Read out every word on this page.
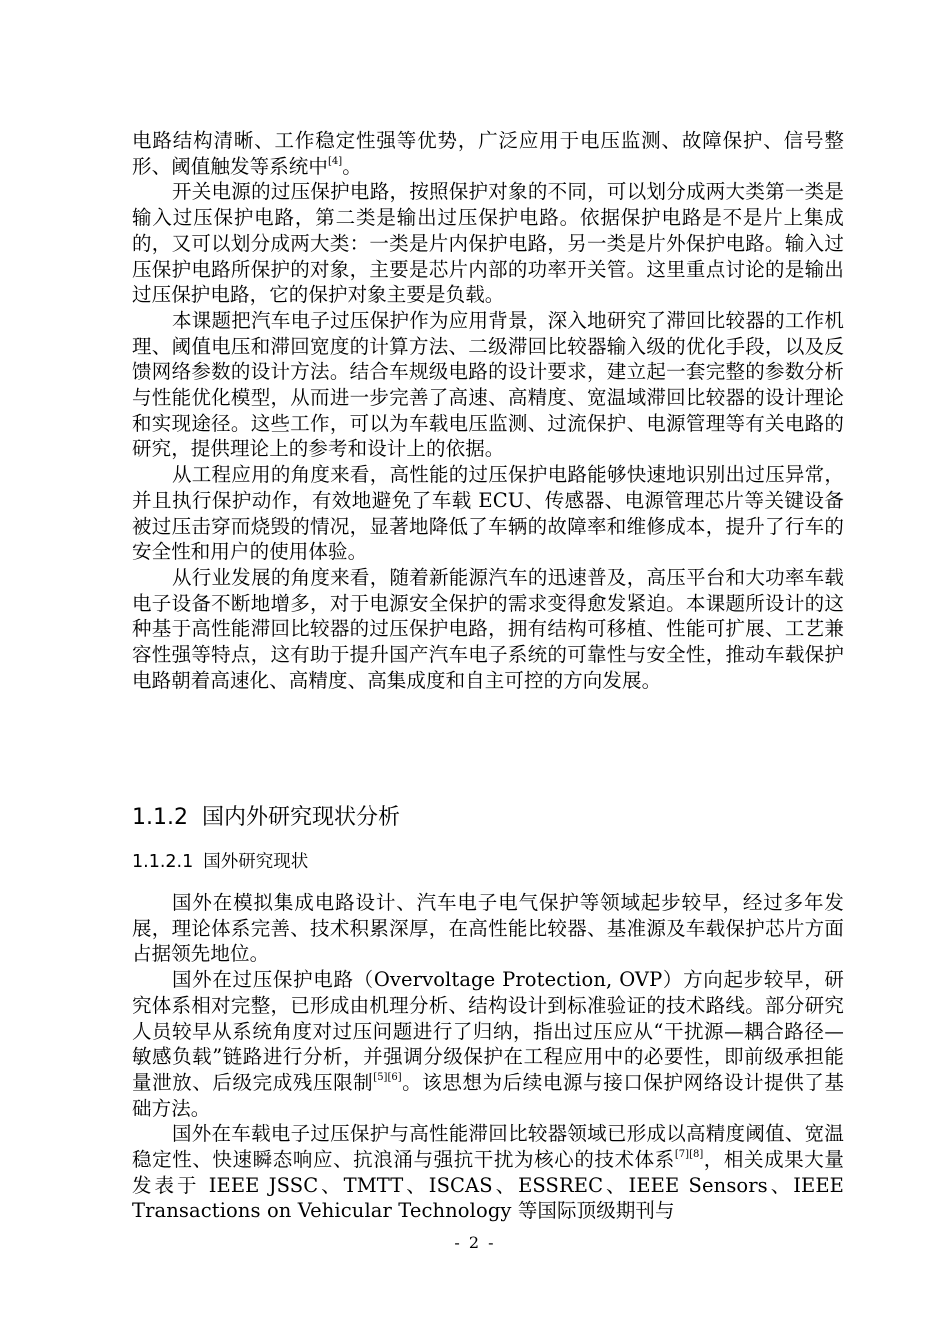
电路结构清晰、工作稳定性强等优势，广泛应用于电压监测、故障保护、信号整形、阈值触发等系统中[4]。

开关电源的过压保护电路，按照保护对象的不同，可以划分成两大类第一类是输入过压保护电路，第二类是输出过压保护电路。依据保护电路是不是片上集成的，又可以划分成两大类：一类是片内保护电路，另一类是片外保护电路。输入过压保护电路所保护的对象，主要是芯片内部的功率开关管。这里重点讨论的是输出过压保护电路，它的保护对象主要是负载。

本课题把汽车电子过压保护作为应用背景，深入地研究了滞回比较器的工作机理、阈值电压和滞回宽度的计算方法、二级滞回比较器输入级的优化手段，以及反馈网络参数的设计方法。结合车规级电路的设计要求，建立起一套完整的参数分析与性能优化模型，从而进一步完善了高速、高精度、宽温域滞回比较器的设计理论和实现途径。这些工作，可以为车载电压监测、过流保护、电源管理等有关电路的研究，提供理论上的参考和设计上的依据。

从工程应用的角度来看，高性能的过压保护电路能够快速地识别出过压异常，并且执行保护动作，有效地避免了车载 ECU、传感器、电源管理芯片等关键设备被过压击穿而烧毁的情况，显著地降低了车辆的故障率和维修成本，提升了行车的安全性和用户的使用体验。

从行业发展的角度来看，随着新能源汽车的迅速普及，高压平台和大功率车载电子设备不断地增多，对于电源安全保护的需求变得愈发紧迫。本课题所设计的这种基于高性能滞回比较器的过压保护电路，拥有结构可移植、性能可扩展、工艺兼容性强等特点，这有助于提升国产汽车电子系统的可靠性与安全性，推动车载保护电路朝着高速化、高精度、高集成度和自主可控的方向发展。

1.1.2 国内外研究现状分析
1.1.2.1 国外研究现状

国外在模拟集成电路设计、汽车电子电气保护等领域起步较早，经过多年发展，理论体系完善、技术积累深厚，在高性能比较器、基准源及车载保护芯片方面占据领先地位。

国外在过压保护电路（Overvoltage Protection, OVP）方向起步较早，研究体系相对完整，已形成由机理分析、结构设计到标准验证的技术路线。部分研究人员较早从系统角度对过压问题进行了归纳，指出过压应从“干扰源—耦合路径—敏感负载”链路进行分析，并强调分级保护在工程应用中的必要性，即前级承担能量泄放、后级完成残压限制[5][6]。该思想为后续电源与接口保护网络设计提供了基础方法。

国外在车载电子过压保护与高性能滞回比较器领域已形成以高精度阈值、宽温稳定性、快速瞬态响应、抗浪涌与强抗干扰为核心的技术体系[7][8]，相关成果大量发表于 IEEE JSSC、TMTT、ISCAS、ESSREC、IEEE Sensors、IEEE Transactions on Vehicular Technology 等国际顶级期刊与

- 2 -
